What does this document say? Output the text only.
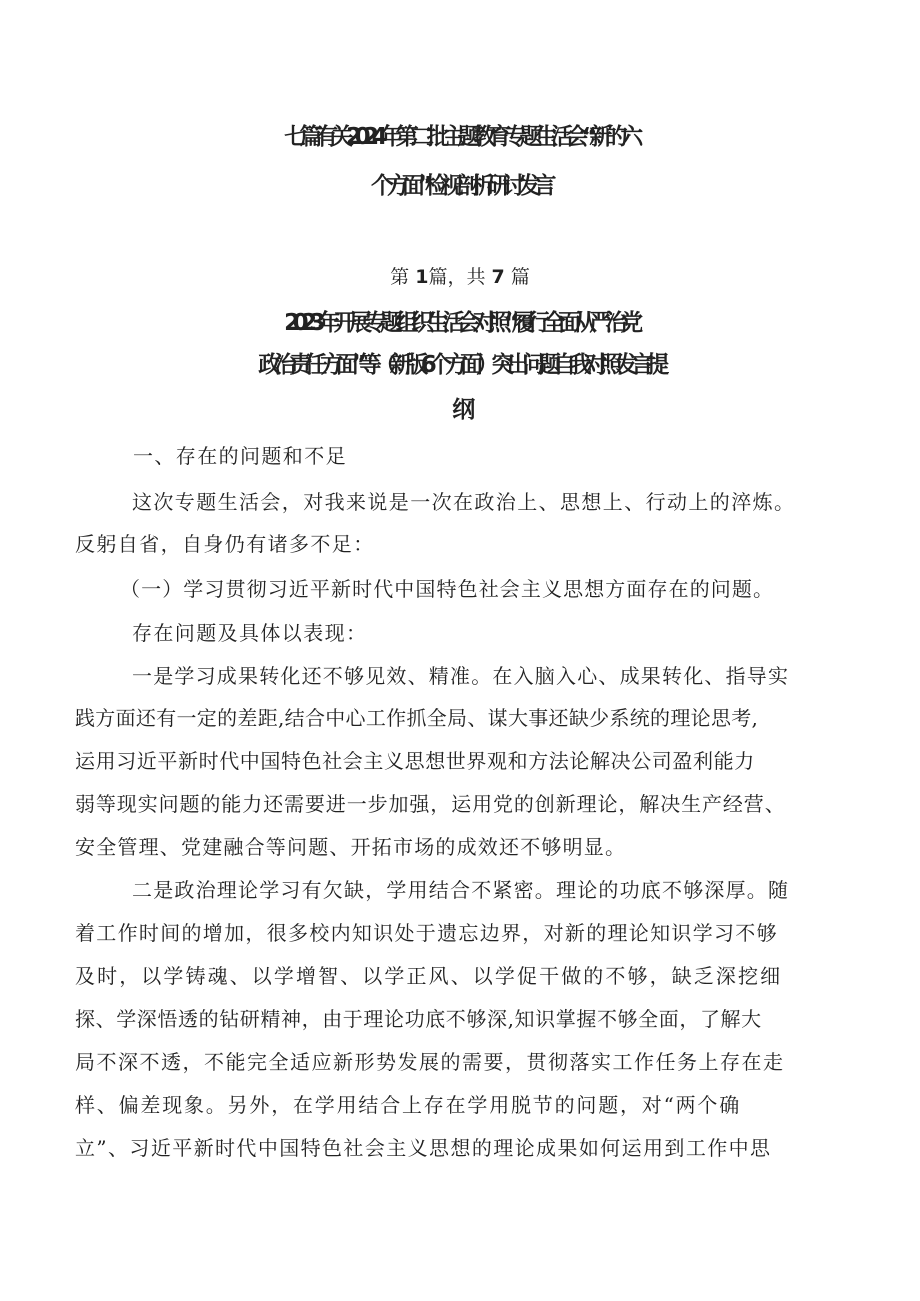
七篇有关2024年第二批主题教育专题生活会“新的六
个方面”检视剖析研讨发言
第 1篇，共 7 篇
2023年开展专题组织生活会对照“履行全面从严治党
政治责任方面”等（新版6个方面）突出问题自我对照发言提
纲
一、存在的问题和不足
这次专题生活会，对我来说是一次在政治上、思想上、行动上的淬炼。
反躬自省，自身仍有诸多不足：
（一）学习贯彻习近平新时代中国特色社会主义思想方面存在的问题。
存在问题及具体以表现：
一是学习成果转化还不够见效、精准。在入脑入心、成果转化、指导实
践方面还有一定的差距,结合中心工作抓全局、谋大事还缺少系统的理论思考,
运用习近平新时代中国特色社会主义思想世界观和方法论解决公司盈利能力
弱等现实问题的能力还需要进一步加强，运用党的创新理论，解决生产经营、
安全管理、党建融合等问题、开拓市场的成效还不够明显。
二是政治理论学习有欠缺，学用结合不紧密。理论的功底不够深厚。随
着工作时间的增加，很多校内知识处于遗忘边界，对新的理论知识学习不够
及时，以学铸魂、以学增智、以学正风、以学促干做的不够，缺乏深挖细
探、学深悟透的钻研精神，由于理论功底不够深,知识掌握不够全面，了解大
局不深不透，不能完全适应新形势发展的需要，贯彻落实工作任务上存在走
样、偏差现象。另外，在学用结合上存在学用脱节的问题，对“两个确
立”、习近平新时代中国特色社会主义思想的理论成果如何运用到工作中思
